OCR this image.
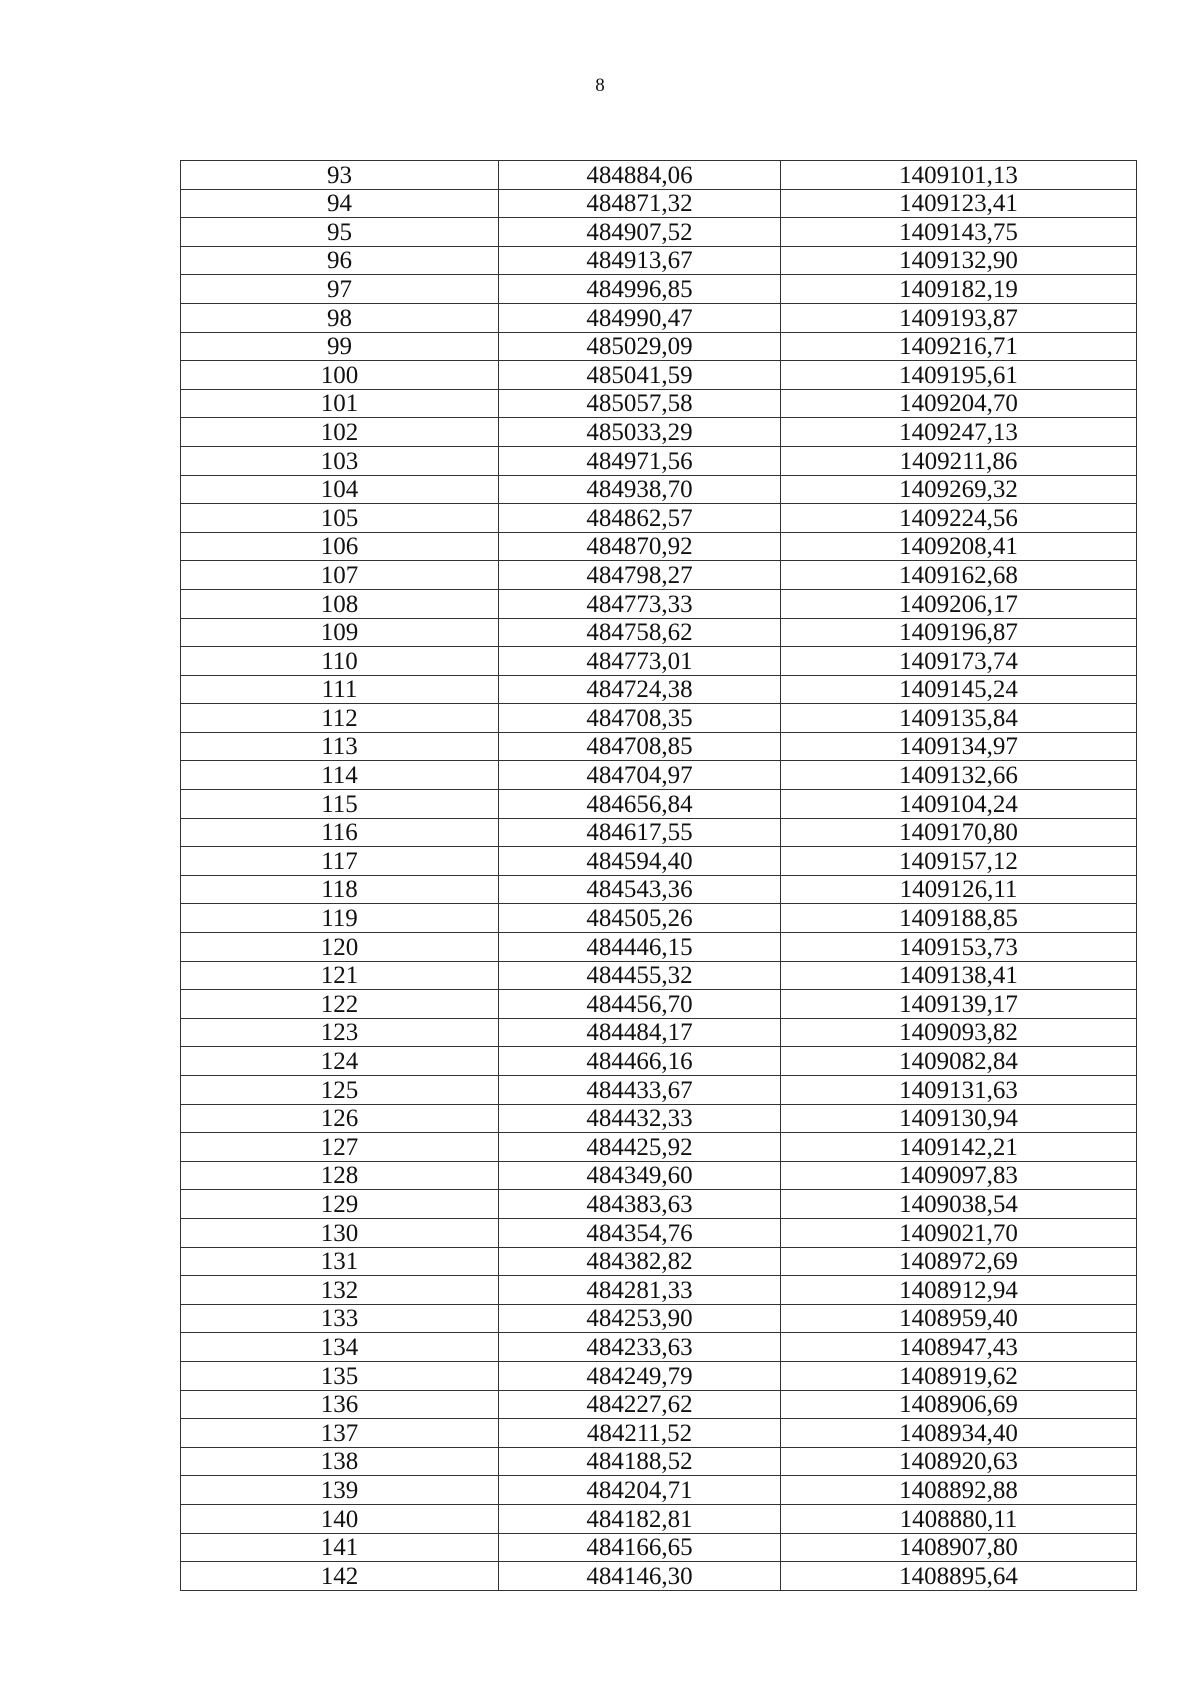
8
93	484884,06	1409101,13
94	484871,32	1409123,41
95	484907,52	1409143,75
96	484913,67	1409132,90
97	484996,85	1409182,19
98	484990,47	1409193,87
99	485029,09	1409216,71
100	485041,59	1409195,61
101	485057,58	1409204,70
102	485033,29	1409247,13
103	484971,56	1409211,86
104	484938,70	1409269,32
105	484862,57	1409224,56
106	484870,92	1409208,41
107	484798,27	1409162,68
108	484773,33	1409206,17
109	484758,62	1409196,87
110	484773,01	1409173,74
111	484724,38	1409145,24
112	484708,35	1409135,84
113	484708,85	1409134,97
114	484704,97	1409132,66
115	484656,84	1409104,24
116	484617,55	1409170,80
117	484594,40	1409157,12
118	484543,36	1409126,11
119	484505,26	1409188,85
120	484446,15	1409153,73
121	484455,32	1409138,41
122	484456,70	1409139,17
123	484484,17	1409093,82
124	484466,16	1409082,84
125	484433,67	1409131,63
126	484432,33	1409130,94
127	484425,92	1409142,21
128	484349,60	1409097,83
129	484383,63	1409038,54
130	484354,76	1409021,70
131	484382,82	1408972,69
132	484281,33	1408912,94
133	484253,90	1408959,40
134	484233,63	1408947,43
135	484249,79	1408919,62
136	484227,62	1408906,69
137	484211,52	1408934,40
138	484188,52	1408920,63
139	484204,71	1408892,88
140	484182,81	1408880,11
141	484166,65	1408907,80
142	484146,30	1408895,64
